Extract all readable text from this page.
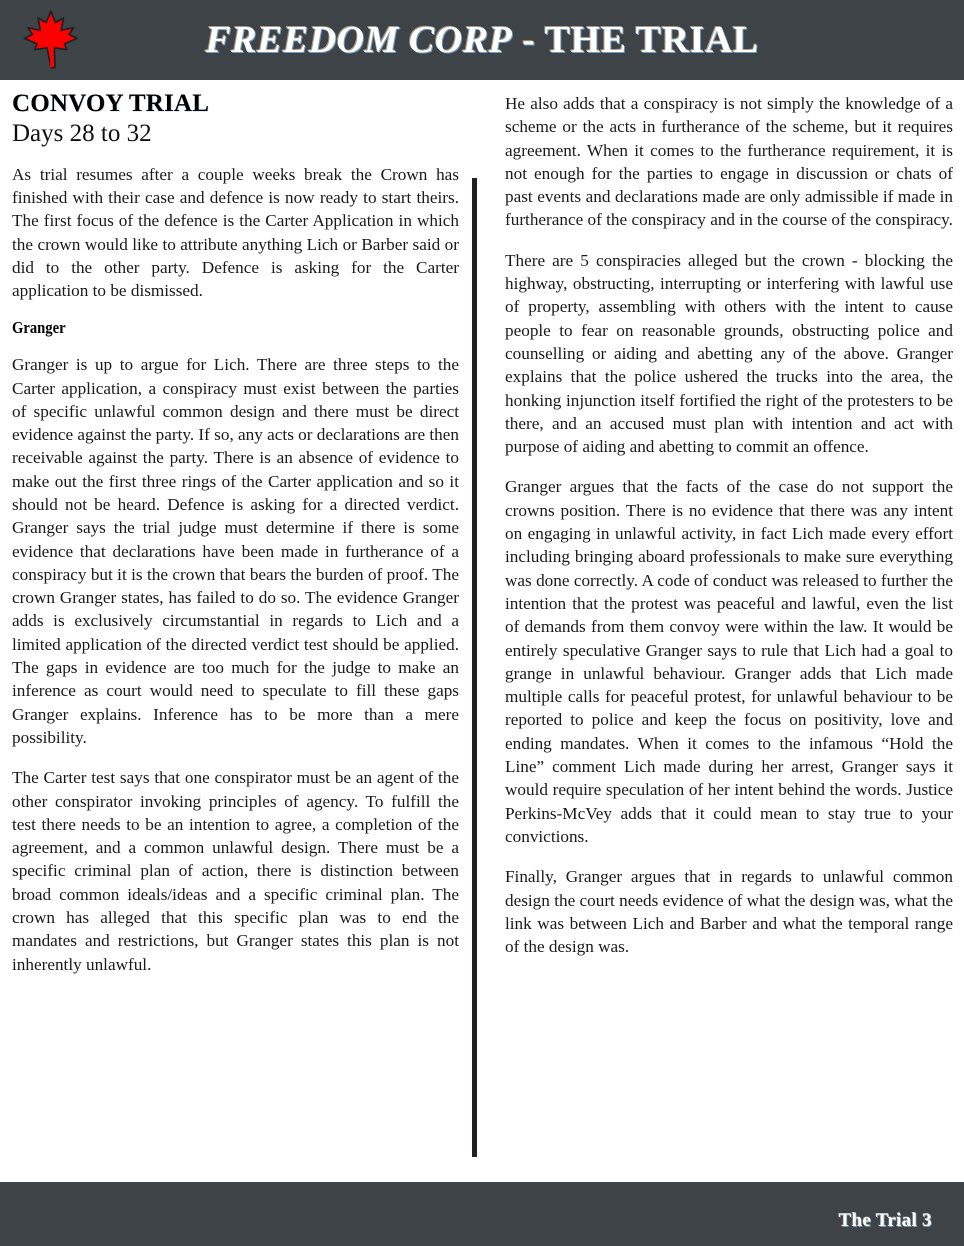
FREEDOM CORP - THE TRIAL
CONVOY TRIAL
Days 28 to 32

As trial resumes after a couple weeks break the Crown has finished with their case and defence is now ready to start theirs. The first focus of the defence is the Carter Application in which the crown would like to attribute anything Lich or Barber said or did to the other party. Defence is asking for the Carter application to be dismissed.

Granger

Granger is up to argue for Lich. There are three steps to the Carter application, a conspiracy must exist between the parties of specific unlawful common design and there must be direct evidence against the party. If so, any acts or declarations are then receivable against the party. There is an absence of evidence to make out the first three rings of the Carter application and so it should not be heard. Defence is asking for a directed verdict. Granger says the trial judge must determine if there is some evidence that declarations have been made in furtherance of a conspiracy but it is the crown that bears the burden of proof. The crown Granger states, has failed to do so. The evidence Granger adds is exclusively circumstantial in regards to Lich and a limited application of the directed verdict test should be applied. The gaps in evidence are too much for the judge to make an inference as court would need to speculate to fill these gaps Granger explains. Inference has to be more than a mere possibility.

The Carter test says that one conspirator must be an agent of the other conspirator invoking principles of agency. To fulfill the test there needs to be an intention to agree, a completion of the agreement, and a common unlawful design. There must be a specific criminal plan of action, there is distinction between broad common ideals/ideas and a specific criminal plan. The crown has alleged that this specific plan was to end the mandates and restrictions, but Granger states this plan is not inherently unlawful.

He also adds that a conspiracy is not simply the knowledge of a scheme or the acts in furtherance of the scheme, but it requires agreement. When it comes to the furtherance requirement, it is not enough for the parties to engage in discussion or chats of past events and declarations made are only admissible if made in furtherance of the conspiracy and in the course of the conspiracy.

There are 5 conspiracies alleged but the crown - blocking the highway, obstructing, interrupting or interfering with lawful use of property, assembling with others with the intent to cause people to fear on reasonable grounds, obstructing police and counselling or aiding and abetting any of the above. Granger explains that the police ushered the trucks into the area, the honking injunction itself fortified the right of the protesters to be there, and an accused must plan with intention and act with purpose of aiding and abetting to commit an offence.

Granger argues that the facts of the case do not support the crowns position. There is no evidence that there was any intent on engaging in unlawful activity, in fact Lich made every effort including bringing aboard professionals to make sure everything was done correctly. A code of conduct was released to further the intention that the protest was peaceful and lawful, even the list of demands from them convoy were within the law. It would be entirely speculative Granger says to rule that Lich had a goal to grange in unlawful behaviour. Granger adds that Lich made multiple calls for peaceful protest, for unlawful behaviour to be reported to police and keep the focus on positivity, love and ending mandates. When it comes to the infamous “Hold the Line” comment Lich made during her arrest, Granger says it would require speculation of her intent behind the words. Justice Perkins-McVey adds that it could mean to stay true to your convictions.

Finally, Granger argues that in regards to unlawful common design the court needs evidence of what the design was, what the link was between Lich and Barber and what the temporal range of the design was.

The Trial 3
